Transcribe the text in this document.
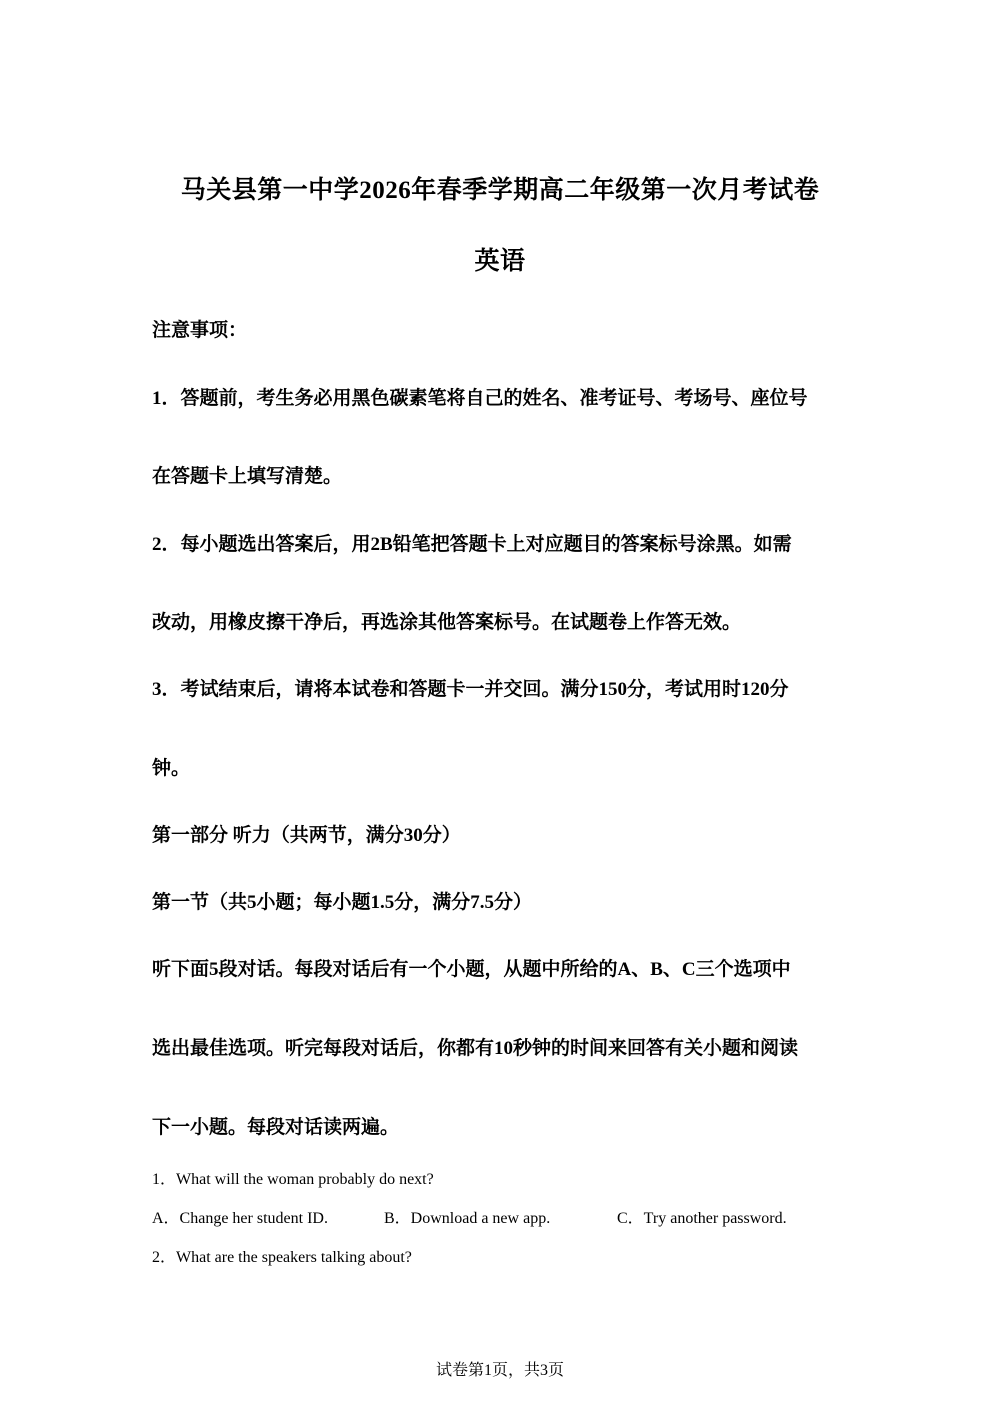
马关县第一中学2026年春季学期高二年级第一次月考试卷
英语
注意事项：
1．答题前，考生务必用黑色碳素笔将自己的姓名、准考证号、考场号、座位号
在答题卡上填写清楚。
2．每小题选出答案后，用2B铅笔把答题卡上对应题目的答案标号涂黑。如需
改动，用橡皮擦干净后，再选涂其他答案标号。在试题卷上作答无效。
3．考试结束后，请将本试卷和答题卡一并交回。满分150分，考试用时120分
钟。
第一部分 听力（共两节，满分30分）
第一节（共5小题；每小题1.5分，满分7.5分）
听下面5段对话。每段对话后有一个小题，从题中所给的A、B、C三个选项中
选出最佳选项。听完每段对话后，你都有10秒钟的时间来回答有关小题和阅读
下一小题。每段对话读两遍。
1．What will the woman probably do next?
A．Change her student ID.	B．Download a new app.	C．Try another password.
2．What are the speakers talking about?
试卷第1页，共3页
